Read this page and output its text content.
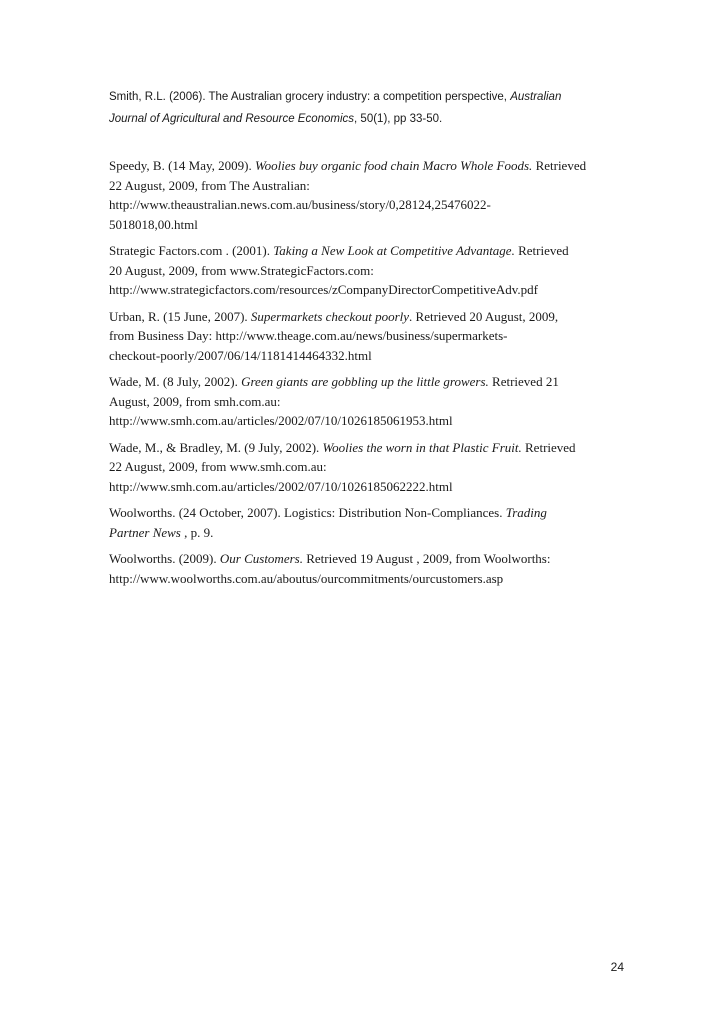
Smith, R.L. (2006). The Australian grocery industry: a competition perspective, Australian
Journal of Agricultural and Resource Economics, 50(1), pp 33-50.

Speedy, B. (14 May, 2009). Woolies buy organic food chain Macro Whole Foods. Retrieved
22 August, 2009, from The Australian:
http://www.theaustralian.news.com.au/business/story/0,28124,25476022-
5018018,00.html

Strategic Factors.com . (2001). Taking a New Look at Competitive Advantage. Retrieved
20 August, 2009, from www.StrategicFactors.com:
http://www.strategicfactors.com/resources/zCompanyDirectorCompetitiveAdv.pdf

Urban, R. (15 June, 2007). Supermarkets checkout poorly. Retrieved 20 August, 2009,
from Business Day: http://www.theage.com.au/news/business/supermarkets-
checkout-poorly/2007/06/14/1181414464332.html

Wade, M. (8 July, 2002). Green giants are gobbling up the little growers. Retrieved 21
August, 2009, from smh.com.au:
http://www.smh.com.au/articles/2002/07/10/1026185061953.html

Wade, M., & Bradley, M. (9 July, 2002). Woolies the worn in that Plastic Fruit. Retrieved
22 August, 2009, from www.smh.com.au:
http://www.smh.com.au/articles/2002/07/10/1026185062222.html

Woolworths. (24 October, 2007). Logistics: Distribution Non-Compliances. Trading
Partner News , p. 9.

Woolworths. (2009). Our Customers. Retrieved 19 August , 2009, from Woolworths:
http://www.woolworths.com.au/aboutus/ourcommitments/ourcustomers.asp

24
